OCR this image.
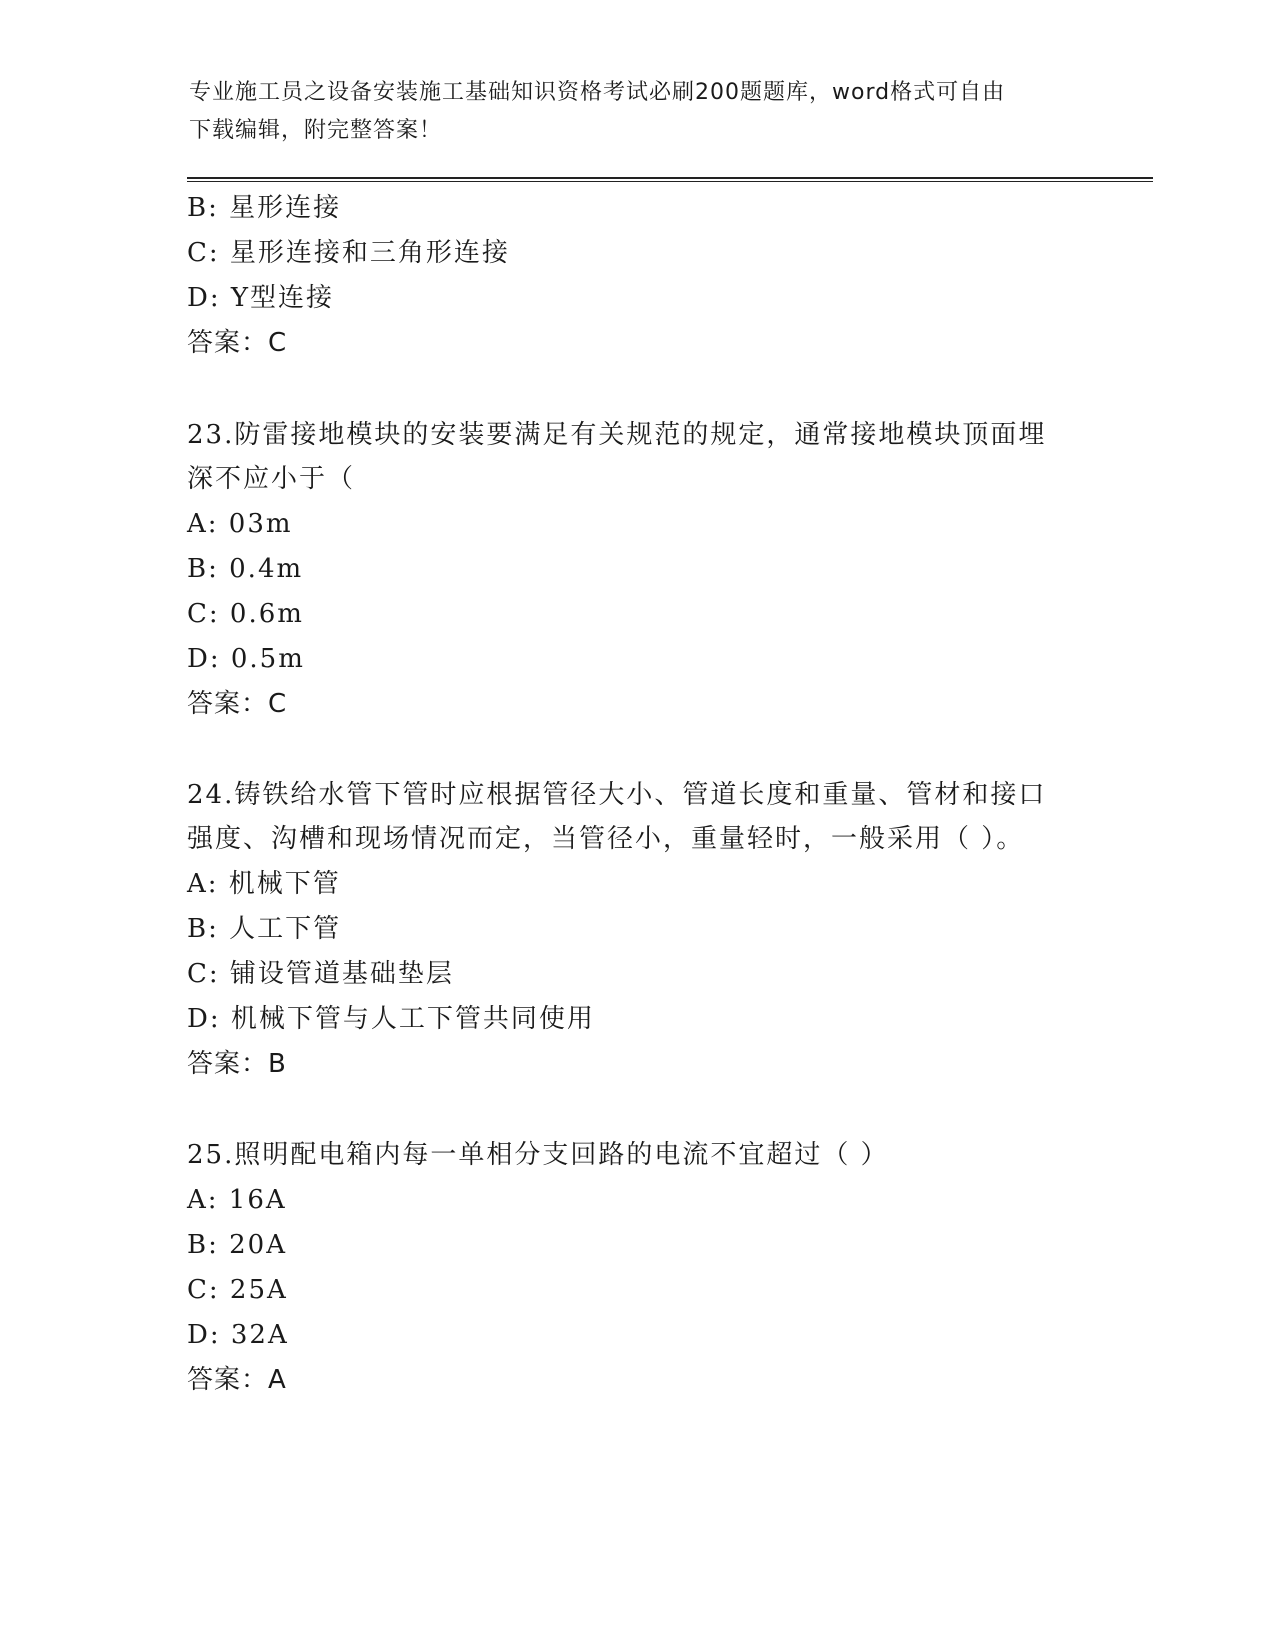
专业施工员之设备安装施工基础知识资格考试必刷200题题库，word格式可自由
下载编辑，附完整答案！
B: 星形连接
C: 星形连接和三角形连接
D: Y型连接
答案：C
23.防雷接地模块的安装要满足有关规范的规定，通常接地模块顶面埋
深不应小于（
A: 03m
B: 0.4m
C: 0.6m
D: 0.5m
答案：C
24.铸铁给水管下管时应根据管径大小、管道长度和重量、管材和接口
强度、沟槽和现场情况而定，当管径小，重量轻时，一般采用（ ）。
A: 机械下管
B: 人工下管
C: 铺设管道基础垫层
D: 机械下管与人工下管共同使用
答案：B
25.照明配电箱内每一单相分支回路的电流不宜超过（ ）
A: 16A
B: 20A
C: 25A
D: 32A
答案：A
